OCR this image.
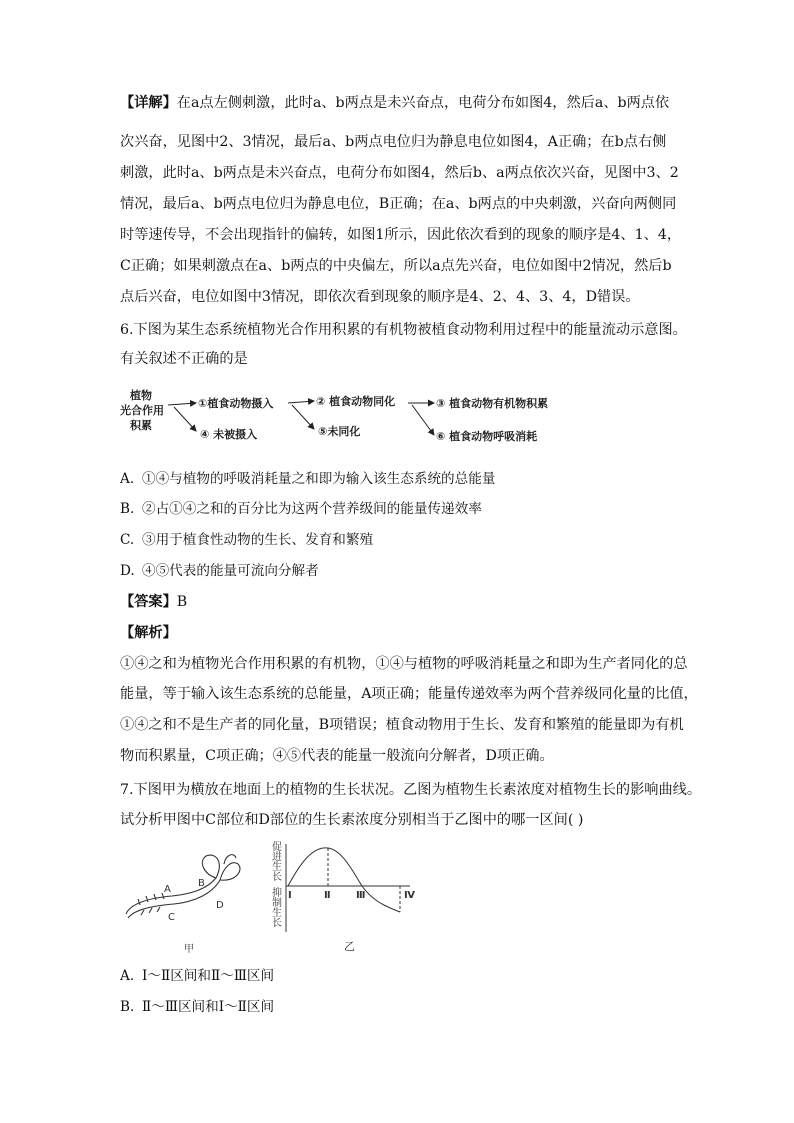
【详解】在a点左侧刺激，此时a、b两点是未兴奋点，电荷分布如图4，然后a、b两点依
次兴奋，见图中2、3情况，最后a、b两点电位归为静息电位如图4，A正确；在b点右侧
刺激，此时a、b两点是未兴奋点，电荷分布如图4，然后b、a两点依次兴奋，见图中3、2
情况，最后a、b两点电位归为静息电位，B正确；在a、b两点的中央刺激，兴奋向两侧同
时等速传导，不会出现指针的偏转，如图1所示，因此依次看到的现象的顺序是4、1、4，
C正确；如果刺激点在a、b两点的中央偏左，所以a点先兴奋，电位如图中2情况，然后b
点后兴奋，电位如图中3情况，即依次看到现象的顺序是4、2、4、3、4，D错误。
6.下图为某生态系统植物光合作用积累的有机物被植食动物利用过程中的能量流动示意图。
有关叙述不正确的是
植物
光合作用
积累
①植食动物摄入	② 植食动物同化	③ 植食动物有机物积累
④ 未被摄入	⑤未同化	⑥ 植食动物呼吸消耗
A. ①④与植物的呼吸消耗量之和即为输入该生态系统的总能量
B. ②占①④之和的百分比为这两个营养级间的能量传递效率
C. ③用于植食性动物的生长、发育和繁殖
D. ④⑤代表的能量可流向分解者
【答案】B
【解析】
①④之和为植物光合作用积累的有机物，①④与植物的呼吸消耗量之和即为生产者同化的总
能量，等于输入该生态系统的总能量，A项正确；能量传递效率为两个营养级同化量的比值，
①④之和不是生产者的同化量，B项错误；植食动物用于生长、发育和繁殖的能量即为有机
物而积累量，C项正确；④⑤代表的能量一般流向分解者，D项正确。
7.下图甲为横放在地面上的植物的生长状况。乙图为植物生长素浓度对植物生长的影响曲线。
试分析甲图中C部位和D部位的生长素浓度分别相当于乙图中的哪一区间( )
A
B
C
D
甲
促进生长
抑制生长
Ⅰ	Ⅱ	Ⅲ	Ⅳ
乙
A. Ⅰ～Ⅱ区间和Ⅱ～Ⅲ区间
B. Ⅱ～Ⅲ区间和Ⅰ～Ⅱ区间
